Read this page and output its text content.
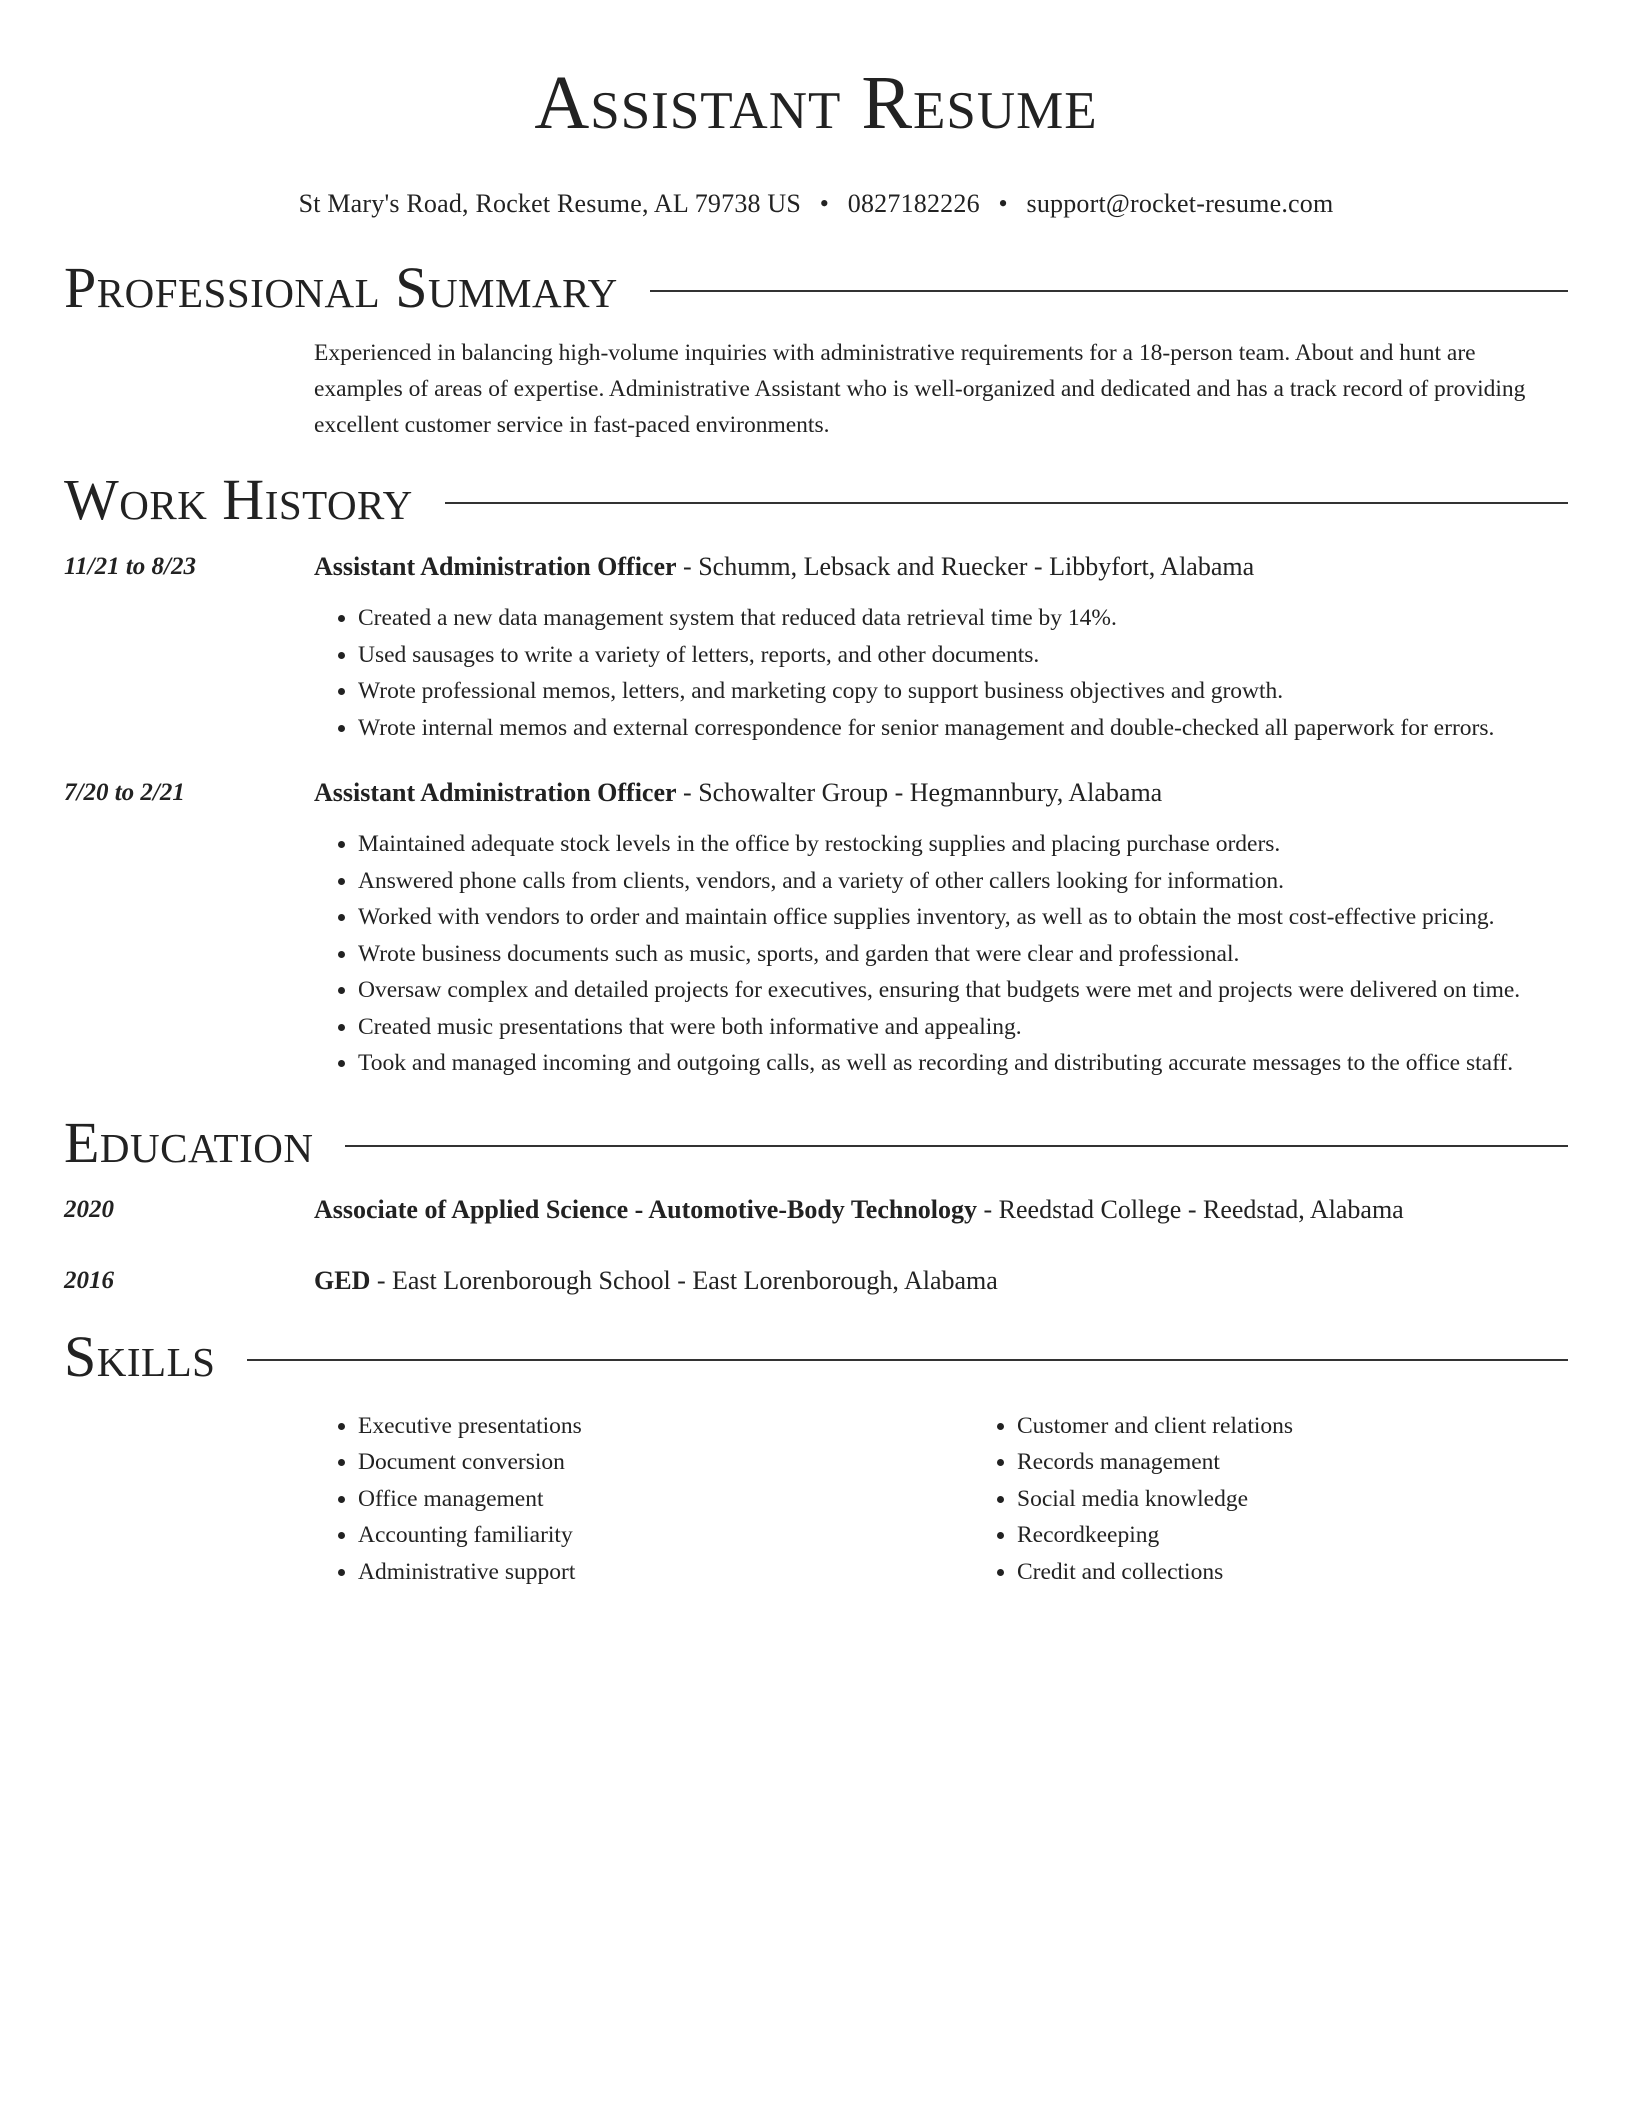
Assistant Resume
St Mary's Road, Rocket Resume, AL 79738 US • 0827182226 • support@rocket-resume.com
Professional Summary
Experienced in balancing high-volume inquiries with administrative requirements for a 18-person team. About and hunt are examples of areas of expertise. Administrative Assistant who is well-organized and dedicated and has a track record of providing excellent customer service in fast-paced environments.
Work History
11/21 to 8/23	Assistant Administration Officer - Schumm, Lebsack and Ruecker - Libbyfort, Alabama
• Created a new data management system that reduced data retrieval time by 14%.
• Used sausages to write a variety of letters, reports, and other documents.
• Wrote professional memos, letters, and marketing copy to support business objectives and growth.
• Wrote internal memos and external correspondence for senior management and double-checked all paperwork for errors.
7/20 to 2/21	Assistant Administration Officer - Schowalter Group - Hegmannbury, Alabama
• Maintained adequate stock levels in the office by restocking supplies and placing purchase orders.
• Answered phone calls from clients, vendors, and a variety of other callers looking for information.
• Worked with vendors to order and maintain office supplies inventory, as well as to obtain the most cost-effective pricing.
• Wrote business documents such as music, sports, and garden that were clear and professional.
• Oversaw complex and detailed projects for executives, ensuring that budgets were met and projects were delivered on time.
• Created music presentations that were both informative and appealing.
• Took and managed incoming and outgoing calls, as well as recording and distributing accurate messages to the office staff.
Education
2020	Associate of Applied Science - Automotive-Body Technology - Reedstad College - Reedstad, Alabama
2016	GED - East Lorenborough School - East Lorenborough, Alabama
Skills
• Executive presentations
• Document conversion
• Office management
• Accounting familiarity
• Administrative support
• Customer and client relations
• Records management
• Social media knowledge
• Recordkeeping
• Credit and collections
